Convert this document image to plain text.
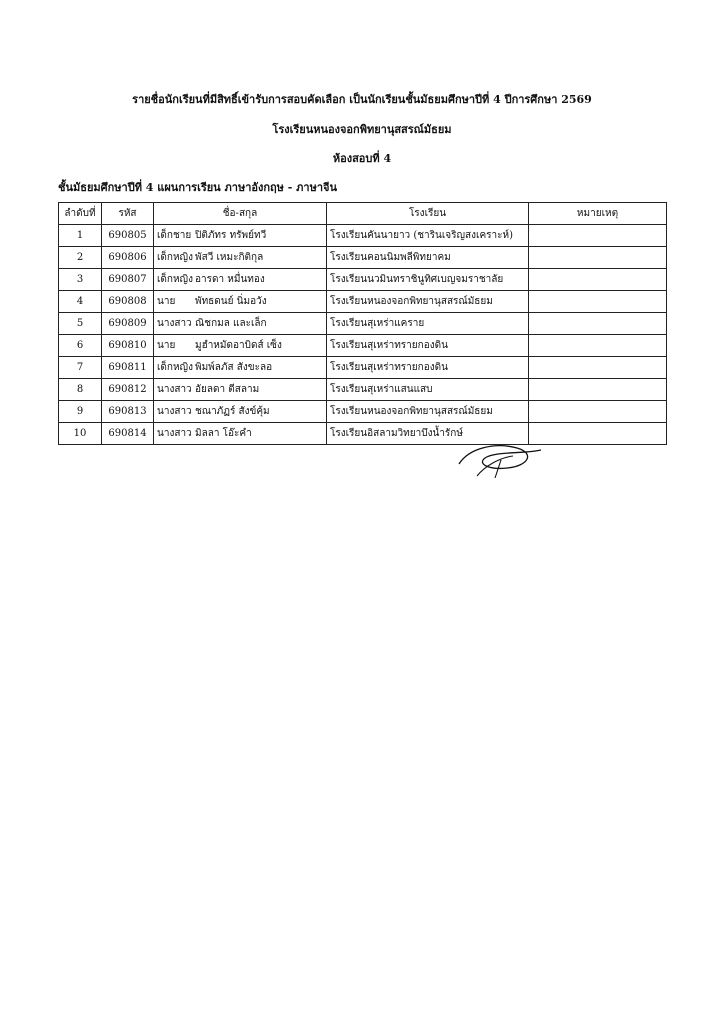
รายชื่อนักเรียนที่มีสิทธิ์เข้ารับการสอบคัดเลือก เป็นนักเรียนชั้นมัธยมศึกษาปีที่ 4 ปีการศึกษา 2569
โรงเรียนหนองจอกพิทยานุสสรณ์มัธยม
ห้องสอบที่ 4
ชั้นมัธยมศึกษาปีที่ 4 แผนการเรียน ภาษาอังกฤษ - ภาษาจีน
ลำดับที่	รหัส	ชื่อ-สกุล	โรงเรียน	หมายเหตุ
1	690805	เด็กชาย ปิติภัทร ทรัพย์ทวี	โรงเรียนคันนายาว (ชารินเจริญสงเคราะห์)	
2	690806	เด็กหญิง พัสวี เหมะกิติกุล	โรงเรียนคอนนิมพลีพิทยาคม	
3	690807	เด็กหญิง อารดา หมื่นทอง	โรงเรียนนวมินทราชินูทิศเบญจมราชาลัย	
4	690808	นาย พัทธดนย์ นิ่มอวัง	โรงเรียนหนองจอกพิทยานุสสรณ์มัธยม	
5	690809	นางสาว ณิชกมล และเล็ก	โรงเรียนสุเหร่าแคราย	
6	690810	นาย มูฮำหมัดอาบิดส์ เซ็ง	โรงเรียนสุเหร่าทรายกองดิน	
7	690811	เด็กหญิง พิมพ์ลภัส สังขะลอ	โรงเรียนสุเหร่าทรายกองดิน	
8	690812	นางสาว อัยลดา ตีสลาม	โรงเรียนสุเหร่าแสนแสบ	
9	690813	นางสาว ชณาภัฏร์ สังข์คุ้ม	โรงเรียนหนองจอกพิทยานุสสรณ์มัธยม	
10	690814	นางสาว มิลลา โอ๊ะคำ	โรงเรียนอิสลามวิทยาบึงน้ำรักษ์	
